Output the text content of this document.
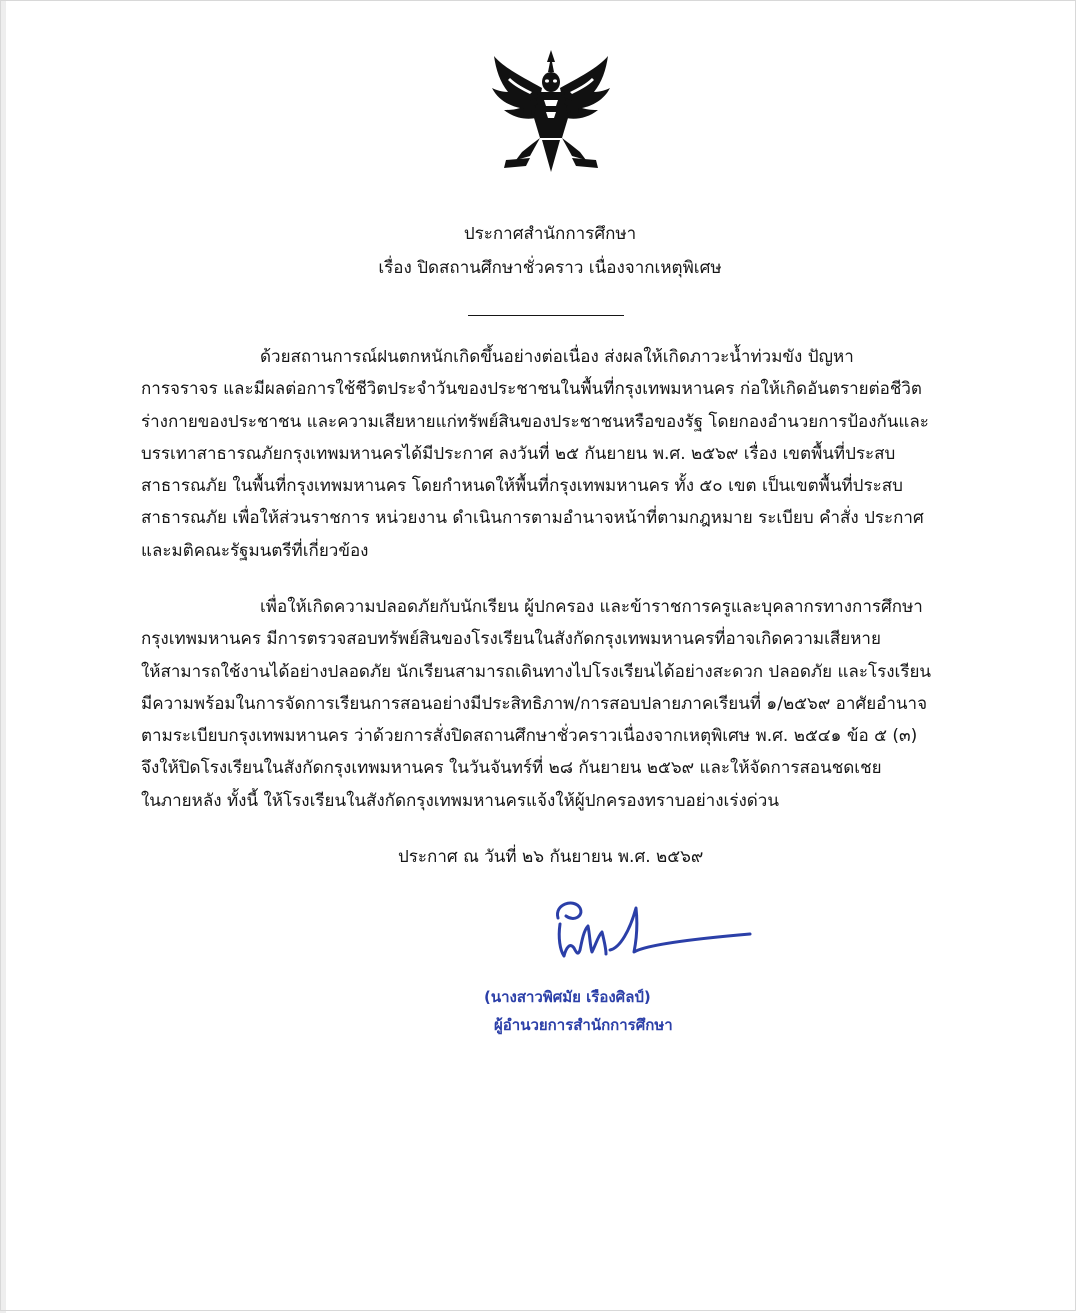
ประกาศสำนักการศึกษา
เรื่อง ปิดสถานศึกษาชั่วคราว เนื่องจากเหตุพิเศษ
ด้วยสถานการณ์ฝนตกหนักเกิดขึ้นอย่างต่อเนื่อง ส่งผลให้เกิดภาวะน้ำท่วมขัง ปัญหา
การจราจร และมีผลต่อการใช้ชีวิตประจำวันของประชาชนในพื้นที่กรุงเทพมหานคร ก่อให้เกิดอันตรายต่อชีวิต
ร่างกายของประชาชน และความเสียหายแก่ทรัพย์สินของประชาชนหรือของรัฐ โดยกองอำนวยการป้องกันและ
บรรเทาสาธารณภัยกรุงเทพมหานครได้มีประกาศ ลงวันที่ ๒๕ กันยายน พ.ศ. ๒๕๖๙ เรื่อง เขตพื้นที่ประสบ
สาธารณภัย ในพื้นที่กรุงเทพมหานคร โดยกำหนดให้พื้นที่กรุงเทพมหานคร ทั้ง ๕๐ เขต เป็นเขตพื้นที่ประสบ
สาธารณภัย เพื่อให้ส่วนราชการ หน่วยงาน ดำเนินการตามอำนาจหน้าที่ตามกฎหมาย ระเบียบ คำสั่ง ประกาศ
และมติคณะรัฐมนตรีที่เกี่ยวข้อง
เพื่อให้เกิดความปลอดภัยกับนักเรียน ผู้ปกครอง และข้าราชการครูและบุคลากรทางการศึกษา
กรุงเทพมหานคร มีการตรวจสอบทรัพย์สินของโรงเรียนในสังกัดกรุงเทพมหานครที่อาจเกิดความเสียหาย
ให้สามารถใช้งานได้อย่างปลอดภัย นักเรียนสามารถเดินทางไปโรงเรียนได้อย่างสะดวก ปลอดภัย และโรงเรียน
มีความพร้อมในการจัดการเรียนการสอนอย่างมีประสิทธิภาพ/การสอบปลายภาคเรียนที่ ๑/๒๕๖๙ อาศัยอำนาจ
ตามระเบียบกรุงเทพมหานคร ว่าด้วยการสั่งปิดสถานศึกษาชั่วคราวเนื่องจากเหตุพิเศษ พ.ศ. ๒๕๔๑ ข้อ ๕ (๓)
จึงให้ปิดโรงเรียนในสังกัดกรุงเทพมหานคร ในวันจันทร์ที่ ๒๘ กันยายน ๒๕๖๙ และให้จัดการสอนชดเชย
ในภายหลัง ทั้งนี้ ให้โรงเรียนในสังกัดกรุงเทพมหานครแจ้งให้ผู้ปกครองทราบอย่างเร่งด่วน
ประกาศ ณ วันที่ ๒๖ กันยายน พ.ศ. ๒๕๖๙
(นางสาวพิศมัย เรืองศิลป์)
ผู้อำนวยการสำนักการศึกษา
